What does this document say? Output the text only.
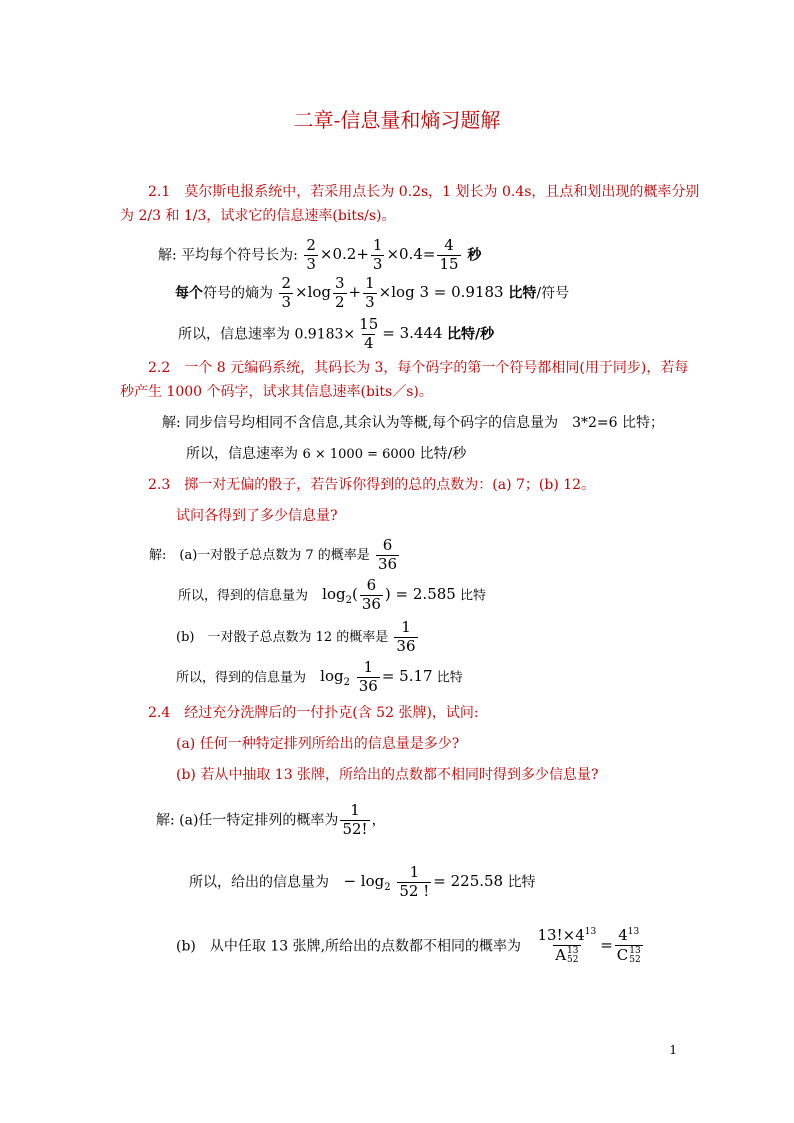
二章-信息量和熵习题解
2.1　莫尔斯电报系统中，若采用点长为 0.2s，1 划长为 0.4s，且点和划出现的概率分别
为 2/3 和 1/3，试求它的信息速率(bits/s)。
解: 平均每个符号长为: $\frac{2}{3} \times 0.2+ \frac{1}{3} \times 0.4= \frac{4}{15}$ 秒
每个符号的熵为 $\frac{2}{3} \times\log \frac{3}{2} + \frac{1}{3} \times\log$ 3 = 0.9183 比特/符号
所以，信息速率为 $0.9183\times \frac{15}{4} = 3.444$ 比特/秒
2.2　一个 8 元编码系统，其码长为 3，每个码字的第一个符号都相同(用于同步)，若每
秒产生 1000 个码字，试求其信息速率(bits／s)。
解: 同步信号均相同不含信息,其余认为等概,每个码字的信息量为　3*2=6 比特；
所以，信息速率为 6 × 1000 = 6000 比特/秒
2.3　掷一对无偏的骰子，若告诉你得到的总的点数为：(a) 7；(b) 12。
试问各得到了多少信息量?
解:　(a)一对骰子总点数为 7 的概率是 $\frac{6}{36}$
所以，得到的信息量为 $\log_2( \frac{6}{36}$ ) = 2.585 比特
(b)　一对骰子总点数为 12 的概率是 $\frac{1}{36}$
所以，得到的信息量为 $\log_2 \frac{1}{36} = 5.17$ 比特
2.4　经过充分洗牌后的一付扑克(含 52 张牌)，试问:
(a) 任何一种特定排列所给出的信息量是多少?
(b) 若从中抽取 13 张牌，所给出的点数都不相同时得到多少信息量?
解: (a)任一特定排列的概率为 $\frac{1}{52!}$ ，
所以，给出的信息量为 − $\log_2 \frac{1}{52 !} = 225.58$ 比特
(b)　从中任取 13 张牌,所给出的点数都不相同的概率为 $13!\times 4^{13}$
A 13
$52 = 4^{13}$
C 13
52
1
